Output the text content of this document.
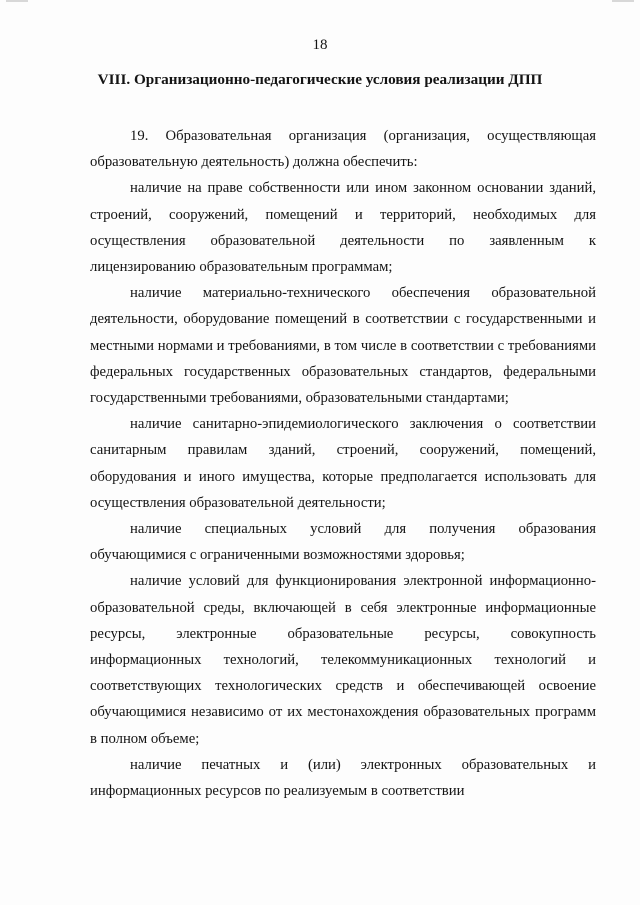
18
VIII. Организационно-педагогические условия реализации ДПП

19. Образовательная организация (организация, осуществляющая образовательную деятельность) должна обеспечить:

наличие на праве собственности или ином законном основании зданий, строений, сооружений, помещений и территорий, необходимых для осуществления образовательной деятельности по заявленным к лицензированию образовательным программам;

наличие материально-технического обеспечения образовательной деятельности, оборудование помещений в соответствии с государственными и местными нормами и требованиями, в том числе в соответствии с требованиями федеральных государственных образовательных стандартов, федеральными государственными требованиями, образовательными стандартами;

наличие санитарно-эпидемиологического заключения о соответствии санитарным правилам зданий, строений, сооружений, помещений, оборудования и иного имущества, которые предполагается использовать для осуществления образовательной деятельности;

наличие специальных условий для получения образования обучающимися с ограниченными возможностями здоровья;

наличие условий для функционирования электронной информационно-образовательной среды, включающей в себя электронные информационные ресурсы, электронные образовательные ресурсы, совокупность информационных технологий, телекоммуникационных технологий и соответствующих технологических средств и обеспечивающей освоение обучающимися независимо от их местонахождения образовательных программ в полном объеме;

наличие печатных и (или) электронных образовательных и информационных ресурсов по реализуемым в соответствии
